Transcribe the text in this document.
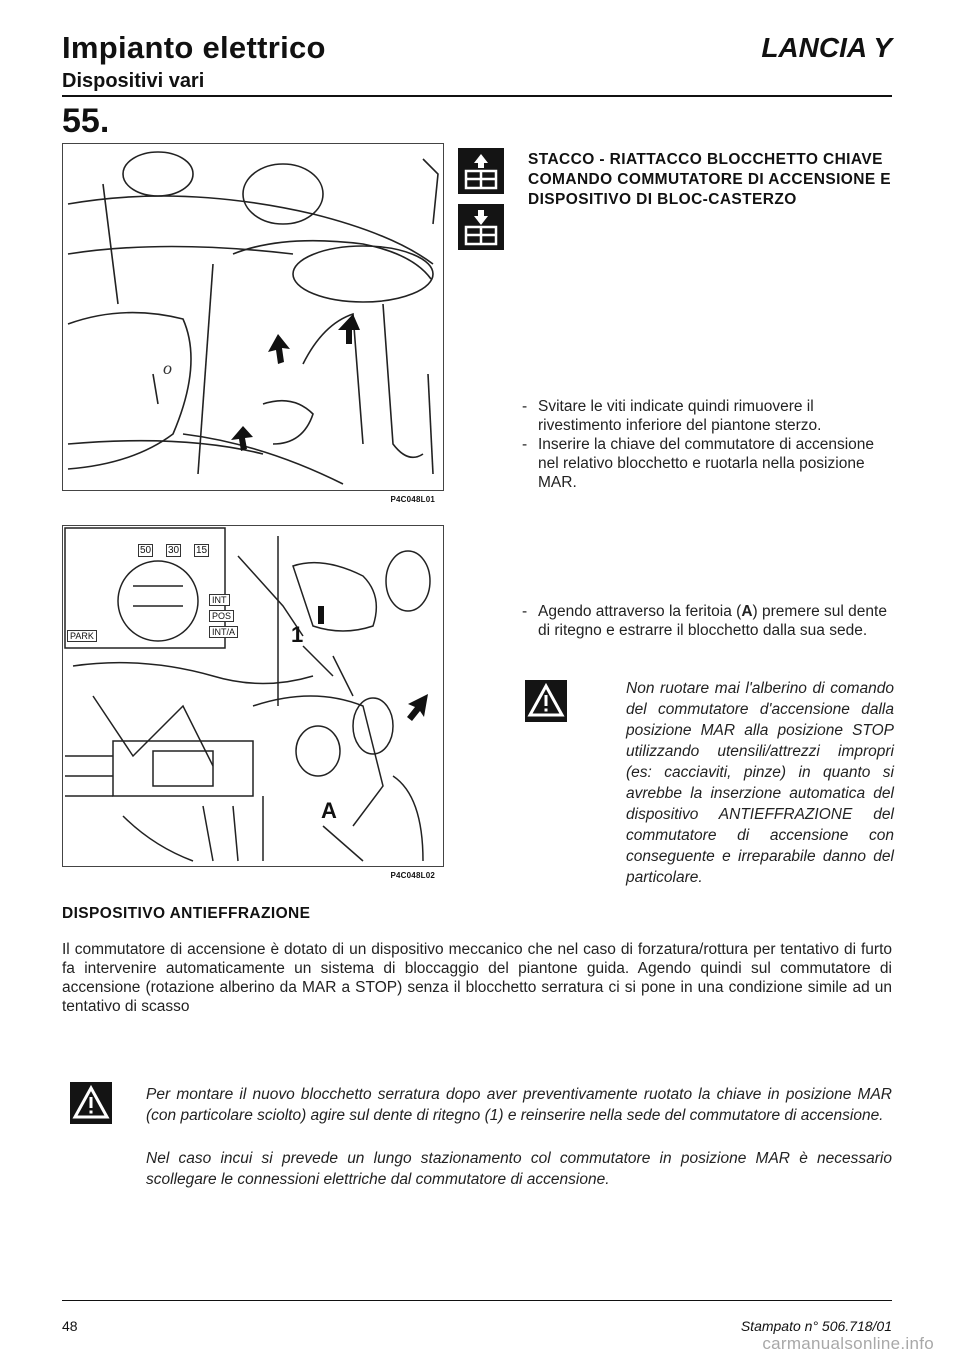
Impianto elettrico	LANCIA Y
Dispositivi vari
55.
o
P4C048L01
50 30 15
INT
POS
INT/A
PARK	1
A
P4C048L02
STACCO - RIATTACCO BLOCCHETTO CHIAVE COMANDO COMMUTATORE DI ACCENSIONE E DISPOSITIVO DI BLOC-CASTERZO
- Svitare le viti indicate quindi rimuovere il rivestimento inferiore del piantone sterzo.
- Inserire la chiave del commutatore di accensione nel relativo blocchetto e ruotarla nella posizione MAR.
- Agendo attraverso la feritoia (A) premere sul dente di ritegno e estrarre il blocchetto dalla sua sede.
Non ruotare mai l'alberino di comando del commutatore d'accensione dalla posizione MAR alla posizione STOP utilizzando utensili/attrezzi impropri (es: cacciaviti, pinze) in quanto si avrebbe la inserzione automatica del dispositivo ANTIEFFRAZIONE del commutatore di accensione con conseguente e irreparabile danno del particolare.
DISPOSITIVO ANTIEFFRAZIONE
Il commutatore di accensione è dotato di un dispositivo meccanico che nel caso di forzatura/rottura per tentativo di furto fa intervenire automaticamente un sistema di bloccaggio del piantone guida. Agendo quindi sul commutatore di accensione (rotazione alberino da MAR a STOP) senza il blocchetto serratura ci si pone in una condizione simile ad un tentativo di scasso
Per montare il nuovo blocchetto serratura dopo aver preventivamente ruotato la chiave in posizione MAR (con particolare sciolto) agire sul dente di ritegno (1) e reinserire nella sede del commutatore di accensione.
Nel caso incui si prevede un lungo stazionamento col commutatore in posizione MAR è necessario scollegare le connessioni elettriche dal commutatore di accensione.
48	Stampato n° 506.718/01
carmanualsonline.info
